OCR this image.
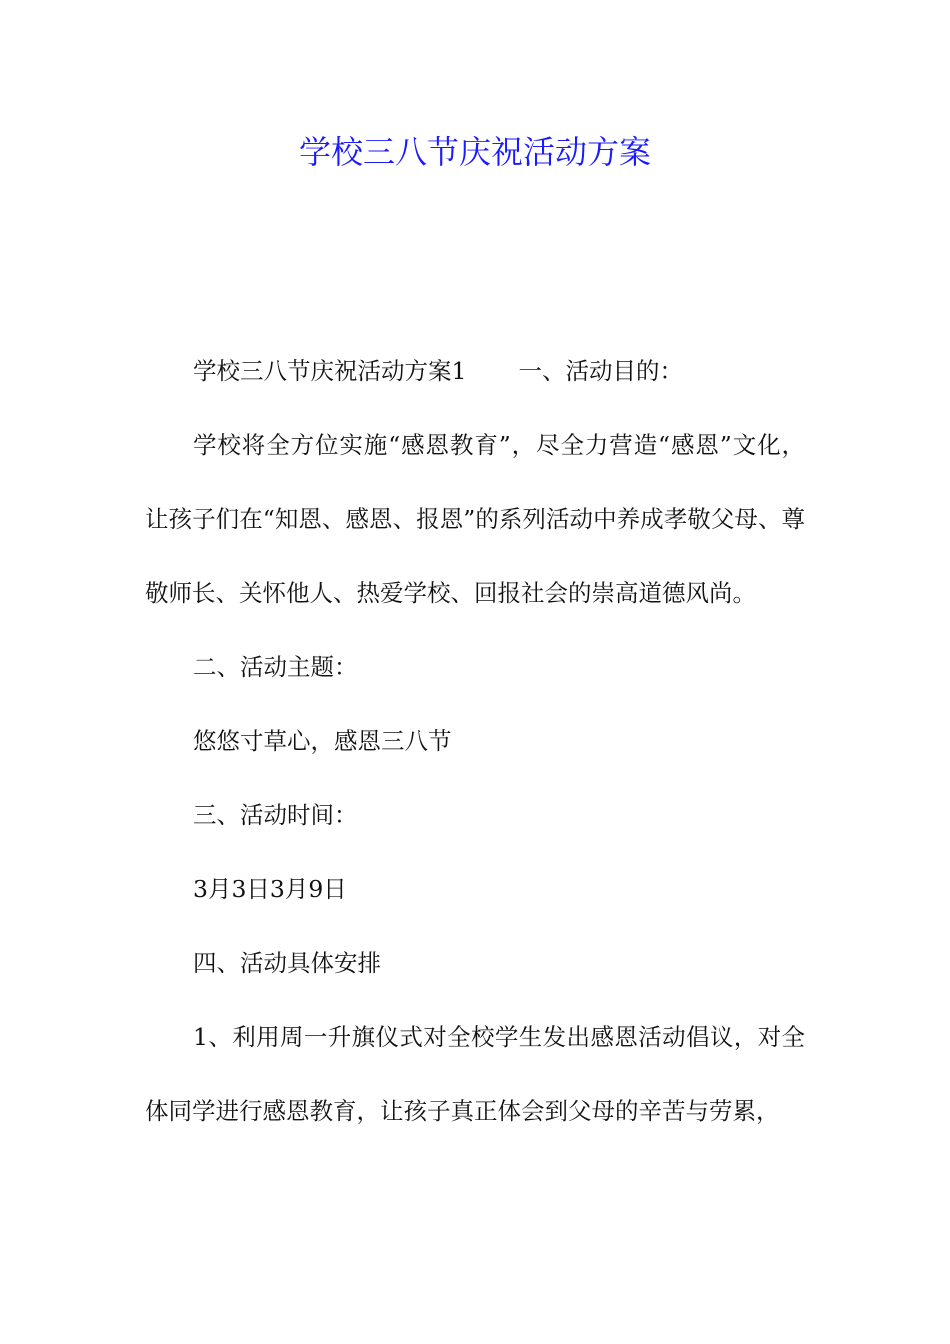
学校三八节庆祝活动方案

学校三八节庆祝活动方案1 一、活动目的：

学校将全方位实施“感恩教育”，尽全力营造“感恩”文化，让孩子们在“知恩、感恩、报恩”的系列活动中养成孝敬父母、尊敬师长、关怀他人、热爱学校、回报社会的崇高道德风尚。

二、活动主题：

悠悠寸草心，感恩三八节

三、活动时间：

3月3日3月9日

四、活动具体安排

1、利用周一升旗仪式对全校学生发出感恩活动倡议，对全体同学进行感恩教育，让孩子真正体会到父母的辛苦与劳累，
